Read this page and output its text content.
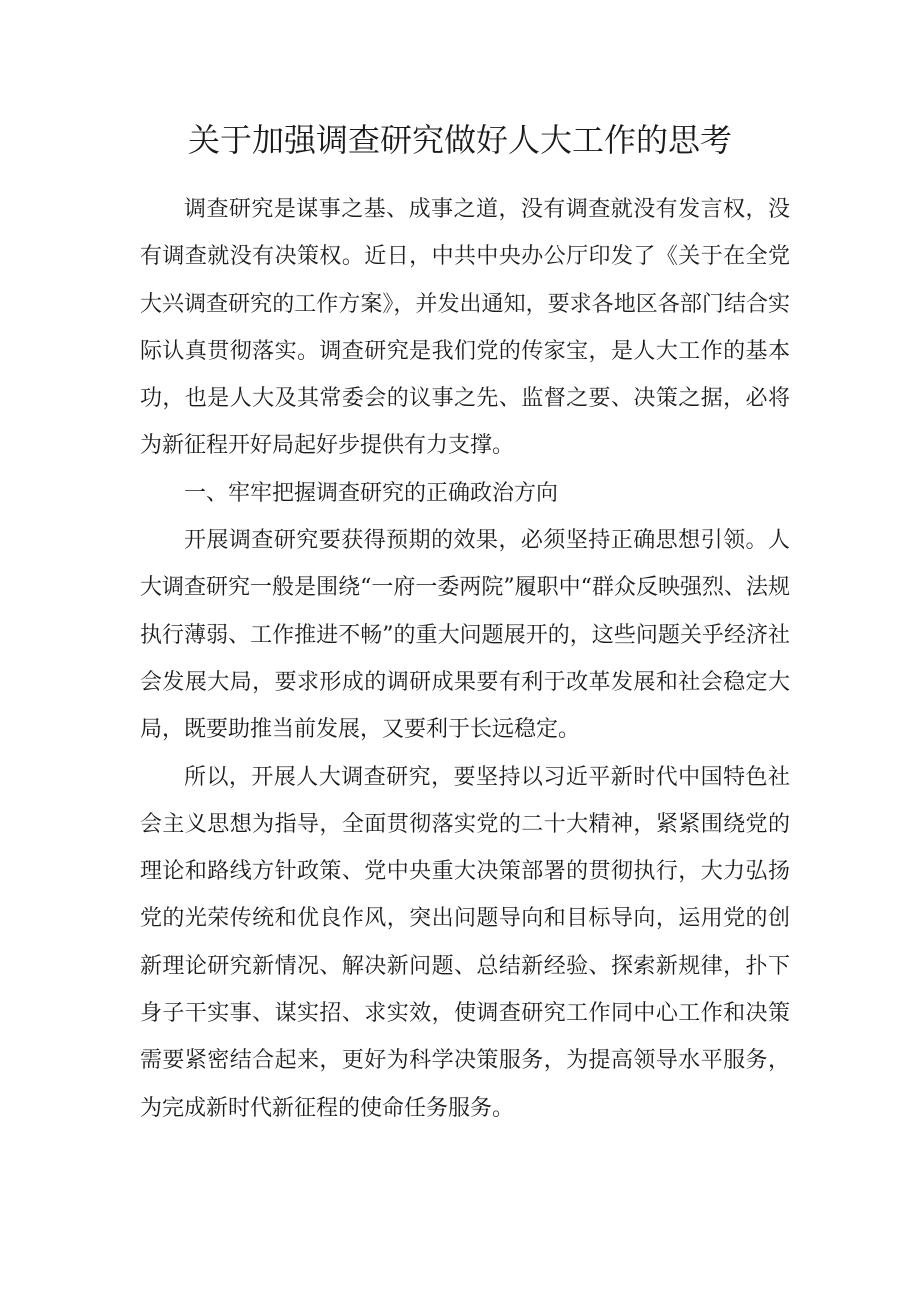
关于加强调查研究做好人大工作的思考

调查研究是谋事之基、成事之道，没有调查就没有发言权，没有调查就没有决策权。近日，中共中央办公厅印发了《关于在全党大兴调查研究的工作方案》，并发出通知，要求各地区各部门结合实际认真贯彻落实。调查研究是我们党的传家宝，是人大工作的基本功，也是人大及其常委会的议事之先、监督之要、决策之据，必将为新征程开好局起好步提供有力支撑。

一、牢牢把握调查研究的正确政治方向

开展调查研究要获得预期的效果，必须坚持正确思想引领。人大调查研究一般是围绕“一府一委两院”履职中“群众反映强烈、法规执行薄弱、工作推进不畅”的重大问题展开的，这些问题关乎经济社会发展大局，要求形成的调研成果要有利于改革发展和社会稳定大局，既要助推当前发展，又要利于长远稳定。

所以，开展人大调查研究，要坚持以习近平新时代中国特色社会主义思想为指导，全面贯彻落实党的二十大精神，紧紧围绕党的理论和路线方针政策、党中央重大决策部署的贯彻执行，大力弘扬党的光荣传统和优良作风，突出问题导向和目标导向，运用党的创新理论研究新情况、解决新问题、总结新经验、探索新规律，扑下身子干实事、谋实招、求实效，使调查研究工作同中心工作和决策需要紧密结合起来，更好为科学决策服务，为提高领导水平服务，为完成新时代新征程的使命任务服务。
